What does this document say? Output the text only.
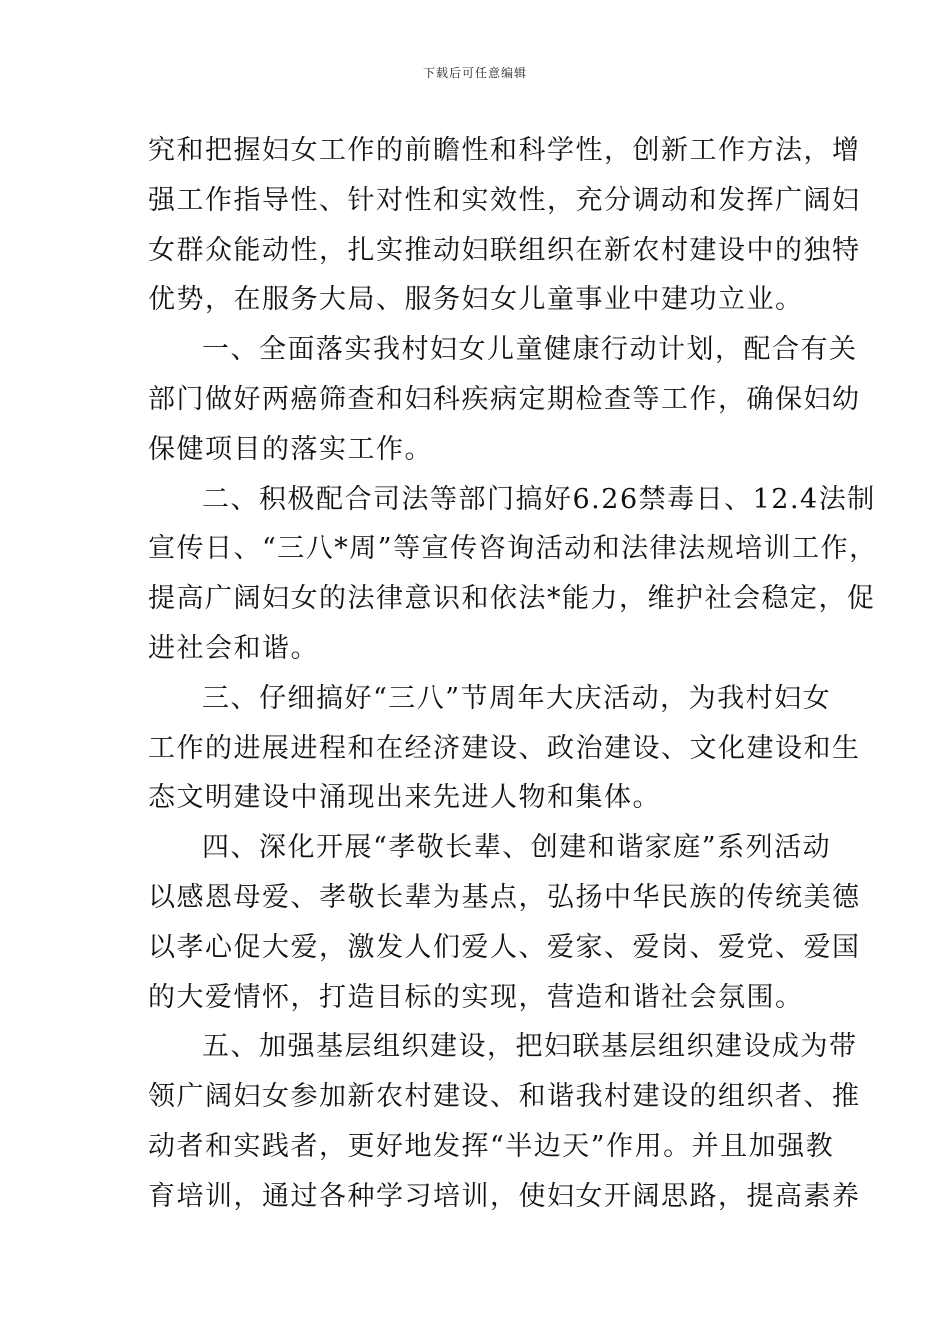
下载后可任意编辑
究和把握妇女工作的前瞻性和科学性，创新工作方法，增
强工作指导性、针对性和实效性，充分调动和发挥广阔妇
女群众能动性，扎实推动妇联组织在新农村建设中的独特
优势，在服务大局、服务妇女儿童事业中建功立业。
一、全面落实我村妇女儿童健康行动计划，配合有关
部门做好两癌筛查和妇科疾病定期检查等工作，确保妇幼
保健项目的落实工作。
二、积极配合司法等部门搞好6.26禁毒日、12.4法制
宣传日、“三八*周”等宣传咨询活动和法律法规培训工作，
提高广阔妇女的法律意识和依法*能力，维护社会稳定，促
进社会和谐。
三、仔细搞好“三八”节周年大庆活动，为我村妇女
工作的进展进程和在经济建设、政治建设、文化建设和生
态文明建设中涌现出来先进人物和集体。
四、深化开展“孝敬长辈、创建和谐家庭”系列活动
以感恩母爱、孝敬长辈为基点，弘扬中华民族的传统美德
以孝心促大爱，激发人们爱人、爱家、爱岗、爱党、爱国
的大爱情怀，打造目标的实现，营造和谐社会氛围。
五、加强基层组织建设，把妇联基层组织建设成为带
领广阔妇女参加新农村建设、和谐我村建设的组织者、推
动者和实践者，更好地发挥“半边天”作用。并且加强教
育培训，通过各种学习培训，使妇女开阔思路，提高素养
